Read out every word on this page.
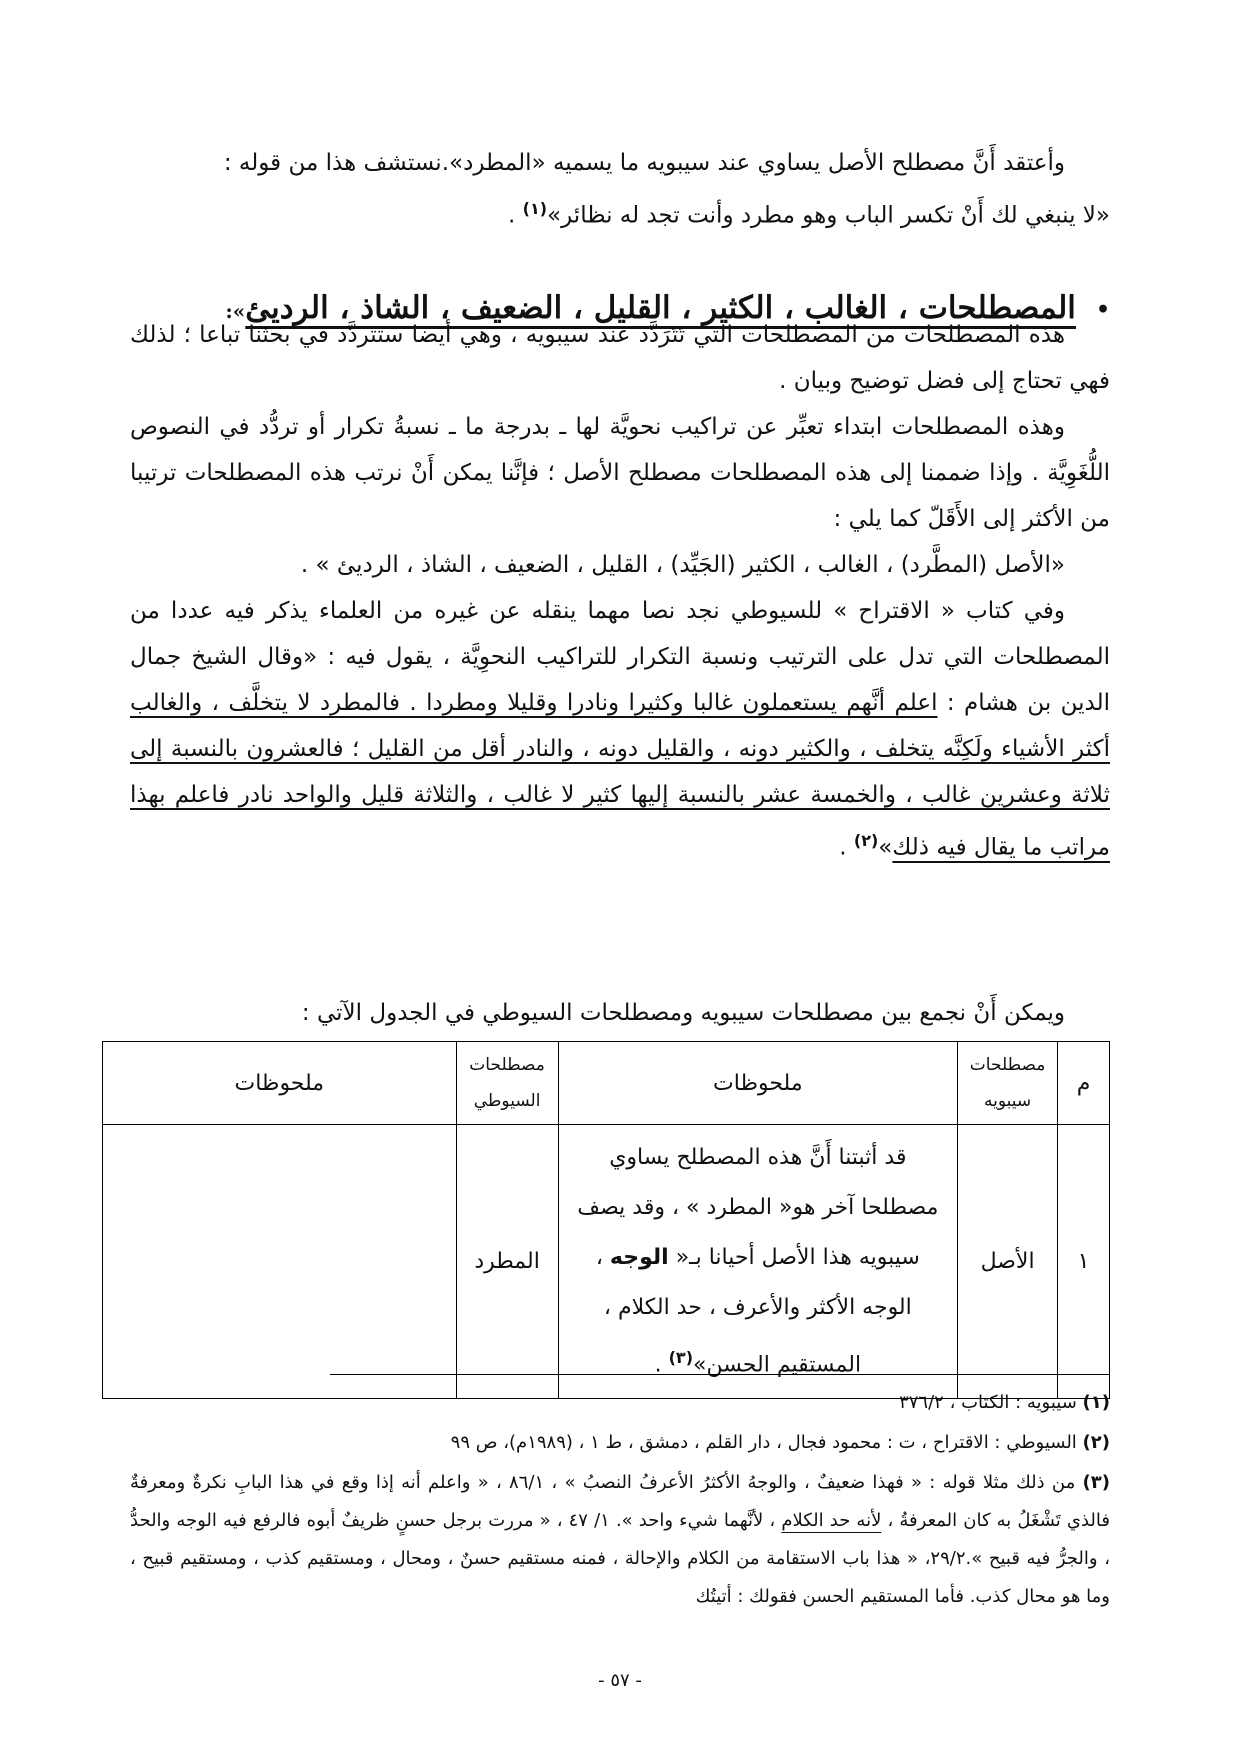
وأعتقد أَنَّ مصطلح الأصل يساوي عند سيبويه ما يسميه «المطرد».نستشف هذا من قوله :
«لا ينبغي لك أَنْ تكسر الباب وهو مطرد وأنت تجد له نظائر»$^{(١)}$ .

•المصطلحات ، الغالب ، الكثير ، القليل ، الضعيف ، الشاذ ، الرديئ»:

هذه المصطلحات من المصطلحات التي تَتَرَدَّد عند سيبويه ، وهي أيضا ستتردَّد في بحثنا تباعا ؛ لذلك فهي تحتاج إلى فضل توضيح وبيان .

وهذه المصطلحات ابتداء تعبِّر عن تراكيب نحويَّة لها ـ بدرجة ما ـ نسبةُ تكرار أو تردُّد في النصوص اللُّغَوِيَّة . وإذا ضممنا إلى هذه المصطلحات مصطلح الأصل ؛ فإنَّنا يمكن أَنْ نرتب هذه المصطلحات ترتيبا من الأكثر إلى الأَقَلّ كما يلي :

«الأصل (المطَّرد) ، الغالب ، الكثير (الجَيِّد) ، القليل ، الضعيف ، الشاذ ، الرديئ » .

وفي كتاب « الاقتراح » للسيوطي نجد نصا مهما ينقله عن غيره من العلماء يذكر فيه عددا من المصطلحات التي تدل على الترتيب ونسبة التكرار للتراكيب النحوِيَّة ، يقول فيه : «وقال الشيخ جمال الدين بن هشام : اعلم أنَّهم يستعملون غالبا وكثيرا ونادرا وقليلا ومطردا . فالمطرد لا يتخلَّف ، والغالب أكثر الأشياء ولَكِنَّه يتخلف ، والكثير دونه ، والقليل دونه ، والنادر أقل من القليل ؛ فالعشرون بالنسبة إلى ثلاثة وعشرين غالب ، والخمسة عشر بالنسبة إليها كثير لا غالب ، والثلاثة قليل والواحد نادر فاعلم بهذا مراتب ما يقال فيه ذلك»$^{(٢)}$ .

ويمكن أَنْ نجمع بين مصطلحات سيبويه ومصطلحات السيوطي في الجدول الآتي :

م	مصطلحات سيبويه	ملحوظات	مصطلحات السيوطي	ملحوظات
١	الأصل	قد أثبتنا أَنَّ هذه المصطلح يساوي مصطلحا آخر هو« المطرد » ، وقد يصف سيبويه هذا الأصل أحيانا بـ« الوجه ، الوجه الأكثر والأعرف ، حد الكلام ، المستقيم الحسن»$^{(٣)}$ .	المطرد	

(١) سيبويه : الكتاب ، ٣٧٦/٢

(٢) السيوطي : الاقتراح ، ت : محمود فجال ، دار القلم ، دمشق ، ط ١ ، (١٩٨٩م)، ص ٩٩

(٣) من ذلك مثلا قوله : « فهذا ضعيفٌ ، والوجهُ الأكثرُ الأعرفُ النصبُ » ، ٨٦/١ ، « واعلم أنه إذا وقع في هذا البابِ نكرةٌ ومعرفةٌ فالذي تَشْغَلُ به كان المعرفةُ ، لأنه حد الكلام ، لأنَّهما شيء واحد ». ١/ ٤٧ ، « مررت برجل حسنٍ ظريفٌ أبوه فالرفع فيه الوجه والحدُّ ، والجرُّ فيه قبيح ».٢٩/٢، « هذا باب الاستقامة من الكلام والإحالة ، فمنه مستقيم حسنٌ ، ومحال ، ومستقيم كذب ، ومستقيم قبيح ، وما هو محال كذب. فأما المستقيم الحسن فقولك : أتيتُك

- ٥٧ -
